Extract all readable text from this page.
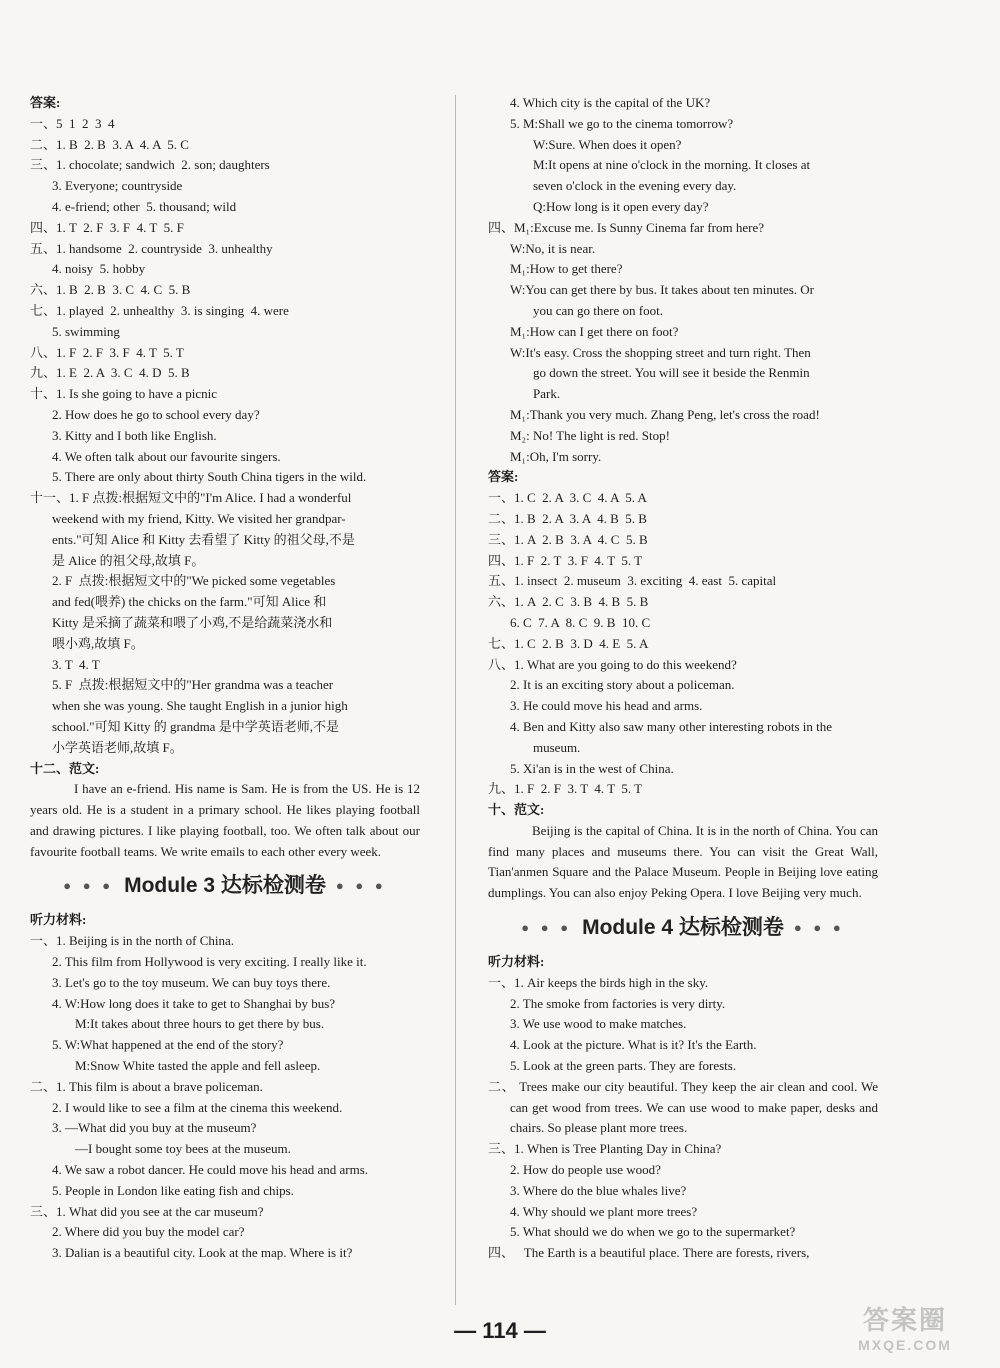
答案:
一、5  1  2  3  4
二、1. B  2. B  3. A  4. A  5. C
三、1. chocolate; sandwich  2. son; daughters
3. Everyone; countryside
4. e-friend; other  5. thousand; wild
四、1. T  2. F  3. F  4. T  5. F
五、1. handsome  2. countryside  3. unhealthy
4. noisy  5. hobby
六、1. B  2. B  3. C  4. C  5. B
七、1. played  2. unhealthy  3. is singing  4. were
5. swimming
八、1. F  2. F  3. F  4. T  5. T
九、1. E  2. A  3. C  4. D  5. B
十、1. Is she going to have a picnic
2. How does he go to school every day?
3. Kitty and I both like English.
4. We often talk about our favourite singers.
5. There are only about thirty South China tigers in the wild.
十一、1. F 点拨:根据短文中的"I'm Alice. I had a wonderful
weekend with my friend, Kitty. We visited her grandpar-
ents."可知 Alice 和 Kitty 去看望了 Kitty 的祖父母,不是
是 Alice 的祖父母,故填 F。
2. F  点拨:根据短文中的"We picked some vegetables
and fed(喂养) the chicks on the farm."可知 Alice 和
Kitty 是采摘了蔬菜和喂了小鸡,不是给蔬菜浇水和
喂小鸡,故填 F。
3. T  4. T
5. F  点拨:根据短文中的"Her grandma was a teacher
when she was young. She taught English in a junior high
school."可知 Kitty 的 grandma 是中学英语老师,不是
小学英语老师,故填 F。
十二、范文:
I have an e-friend. His name is Sam. He is from the US. He is 12 years old. He is a student in a primary school. He likes playing football and drawing pictures. I like playing football, too. We often talk about our favourite football teams. We write emails to each other every week.
● ● ● Module 3 达标检测卷 ● ● ●
听力材料:
一、1. Beijing is in the north of China.
2. This film from Hollywood is very exciting. I really like it.
3. Let's go to the toy museum. We can buy toys there.
4. W:How long does it take to get to Shanghai by bus?
M:It takes about three hours to get there by bus.
5. W:What happened at the end of the story?
M:Snow White tasted the apple and fell asleep.
二、1. This film is about a brave policeman.
2. I would like to see a film at the cinema this weekend.
3. —What did you buy at the museum?
—I bought some toy bees at the museum.
4. We saw a robot dancer. He could move his head and arms.
5. People in London like eating fish and chips.
三、1. What did you see at the car museum?
2. Where did you buy the model car?
3. Dalian is a beautiful city. Look at the map. Where is it?
4. Which city is the capital of the UK?
5. M:Shall we go to the cinema tomorrow?
W:Sure. When does it open?
M:It opens at nine o'clock in the morning. It closes at
seven o'clock in the evening every day.
Q:How long is it open every day?
四、M₁:Excuse me. Is Sunny Cinema far from here?
W:No, it is near.
M₁:How to get there?
W:You can get there by bus. It takes about ten minutes. Or
you can go there on foot.
M₁:How can I get there on foot?
W:It's easy. Cross the shopping street and turn right. Then
go down the street. You will see it beside the Renmin
Park.
M₁:Thank you very much. Zhang Peng, let's cross the road!
M₂: No! The light is red. Stop!
M₁:Oh, I'm sorry.
答案:
一、1. C  2. A  3. C  4. A  5. A
二、1. B  2. A  3. A  4. B  5. B
三、1. A  2. B  3. A  4. C  5. B
四、1. F  2. T  3. F  4. T  5. T
五、1. insect  2. museum  3. exciting  4. east  5. capital
六、1. A  2. C  3. B  4. B  5. B
6. C  7. A  8. C  9. B  10. C
七、1. C  2. B  3. D  4. E  5. A
八、1. What are you going to do this weekend?
2. It is an exciting story about a policeman.
3. He could move his head and arms.
4. Ben and Kitty also saw many other interesting robots in the
museum.
5. Xi'an is in the west of China.
九、1. F  2. F  3. T  4. T  5. T
十、范文:
Beijing is the capital of China. It is in the north of China. You can find many places and museums there. You can visit the Great Wall, Tian'anmen Square and the Palace Museum. People in Beijing love eating dumplings. You can also enjoy Peking Opera. I love Beijing very much.
● ● ● Module 4 达标检测卷 ● ● ●
听力材料:
一、1. Air keeps the birds high in the sky.
2. The smoke from factories is very dirty.
3. We use wood to make matches.
4. Look at the picture. What is it? It's the Earth.
5. Look at the green parts. They are forests.
二、 Trees make our city beautiful. They keep the air clean and cool. We can get wood from trees. We can use wood to make paper, desks and chairs. So please plant more trees.
三、1. When is Tree Planting Day in China?
2. How do people use wood?
3. Where do the blue whales live?
4. Why should we plant more trees?
5. What should we do when we go to the supermarket?
四、   The Earth is a beautiful place. There are forests, rivers,
— 114 —	答案圈
MXQE.COM
